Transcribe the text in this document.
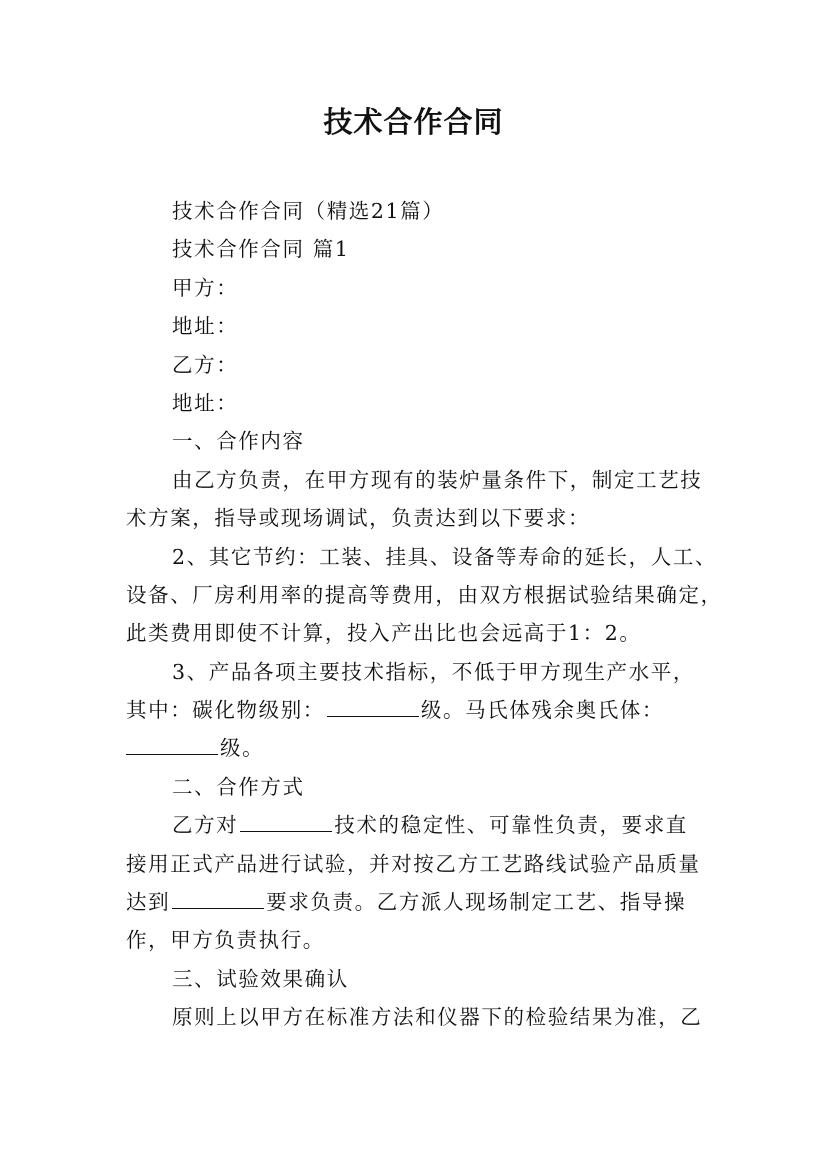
技术合作合同
技术合作合同（精选21篇）
技术合作合同 篇1
甲方：
地址：
乙方：
地址：
一、合作内容
由乙方负责，在甲方现有的装炉量条件下，制定工艺技
术方案，指导或现场调试，负责达到以下要求：
2、其它节约：工装、挂具、设备等寿命的延长，人工、
设备、厂房利用率的提高等费用，由双方根据试验结果确定，
此类费用即使不计算，投入产出比也会远高于1：2。
3、产品各项主要技术指标，不低于甲方现生产水平，
其中：碳化物级别：	级。马氏体残余奥氏体：
级。
二、合作方式
乙方对	技术的稳定性、可靠性负责，要求直
接用正式产品进行试验，并对按乙方工艺路线试验产品质量
达到	要求负责。乙方派人现场制定工艺、指导操
作，甲方负责执行。
三、试验效果确认
原则上以甲方在标准方法和仪器下的检验结果为准，乙
